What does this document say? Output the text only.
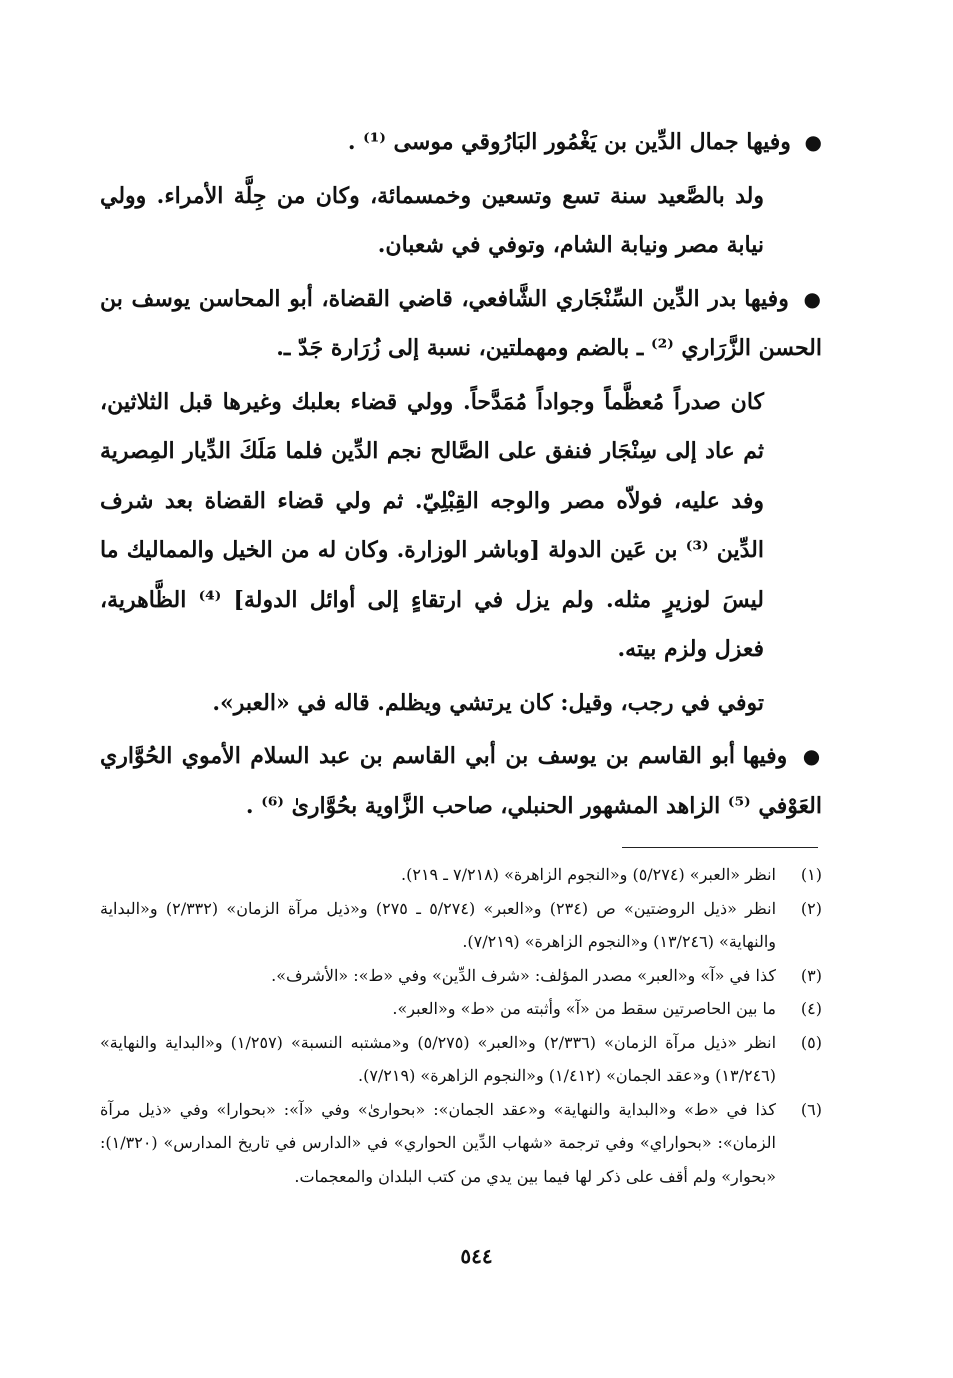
● وفيها جمال الدِّين بن يَغْمُور البَارُوقي موسى ⁽¹⁾ .

ولد بالصَّعيد سنة تسع وتسعين وخمسمائة، وكان من جِلَّة الأمراء. وولي نيابة مصر ونيابة الشام، وتوفي في شعبان.

● وفيها بدر الدِّين السِّنْجَاري الشَّافعي، قاضي القضاة، أبو المحاسن يوسف بن الحسن الزَّرَاري ⁽²⁾ ـ بالضم ومهملتين، نسبة إلى زُرَارة جَدّ ـ.

كان صدراً مُعظَّماً وجواداً مُمَدَّحاً. وولي قضاء بعلبك وغيرها قبل الثلاثين، ثم عاد إلى سِنْجَار فنفق على الصَّالح نجم الدِّين فلما مَلَكَ الدِّيار المِصرية وفد عليه، فولاّه مصر والوجه القِبْلِيّ. ثم ولي قضاء القضاة بعد شرف الدِّين ⁽³⁾ بن عَين الدولة [وباشر الوزارة. وكان له من الخيل والمماليك ما ليسَ لوزيرٍ مثله. ولم يزل في ارتقاءٍ إلى أوائل الدولة] ⁽⁴⁾ الظَّاهرية، فعزل ولزم بيته.

توفي في رجب، وقيل: كان يرتشي ويظلم. قاله في «العبر».

● وفيها أبو القاسم بن يوسف بن أبي القاسم بن عبد السلام الأموي الحُوَّاري العَوْفي ⁽⁵⁾ الزاهد المشهور الحنبلي، صاحب الزَّاوية بحُوَّارىٰ ⁽⁶⁾ .

(١)
انظر «العبر» (٥/٢٧٤) و«النجوم الزاهرة» (٧/٢١٨ ـ ٢١٩).

(٢)
انظر «ذيل الروضتين» ص (٢٣٤) و«العبر» (٥/٢٧٤ ـ ٢٧٥) و«ذيل مرآة الزمان» (٢/٣٣٢) و«البداية والنهاية» (١٣/٢٤٦) و«النجوم الزاهرة» (٧/٢١٩).

(٣)
كذا في «آ» و«العبر» مصدر المؤلف: «شرف الدِّين» وفي «ط»: «الأشرف».

(٤)
ما بين الحاصرتين سقط من «آ» وأثبته من «ط» و«العبر».

(٥)
انظر «ذيل مرآة الزمان» (٢/٣٣٦) و«العبر» (٥/٢٧٥) و«مشتبه النسبة» (١/٢٥٧) و«البداية والنهاية» (١٣/٢٤٦) و«عقد الجمان» (١/٤١٢) و«النجوم الزاهرة» (٧/٢١٩).

(٦)
كذا في «ط» و«البداية والنهاية» و«عقد الجمان»: «بحوارىٰ» وفي «آ»: «بحوارا» وفي «ذيل مرآة الزمان»: «بحواراي» وفي ترجمة «شهاب الدِّين الحواري» في «الدارس في تاريخ المدارس» (١/٣٢٠): «بحوار» ولم أقف على ذكر لها فيما بين يدي من كتب البلدان والمعجمات.

٥٤٤
